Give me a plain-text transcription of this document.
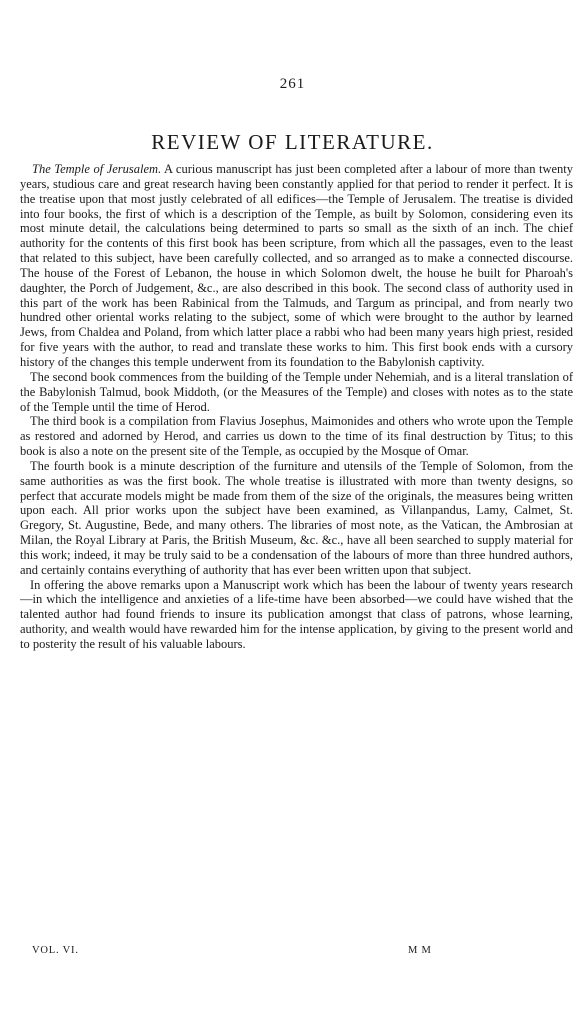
261
REVIEW OF LITERATURE.

The Temple of Jerusalem. A curious manuscript has just been completed after a labour of more than twenty years, studious care and great research having been constantly applied for that period to render it perfect. It is the treatise upon that most justly celebrated of all edifices—the Temple of Jerusalem. The treatise is divided into four books, the first of which is a description of the Temple, as built by Solomon, considering even its most minute detail, the calculations being determined to parts so small as the sixth of an inch. The chief authority for the contents of this first book has been scripture, from which all the passages, even to the least that related to this subject, have been carefully collected, and so arranged as to make a connected discourse. The house of the Forest of Lebanon, the house in which Solomon dwelt, the house he built for Pharoah's daughter, the Porch of Judgement, &c., are also described in this book. The second class of authority used in this part of the work has been Rabinical from the Talmuds, and Targum as principal, and from nearly two hundred other oriental works relating to the subject, some of which were brought to the author by learned Jews, from Chaldea and Poland, from which latter place a rabbi who had been many years high priest, resided for five years with the author, to read and translate these works to him. This first book ends with a cursory history of the changes this temple underwent from its foundation to the Babylonish captivity.

The second book commences from the building of the Temple under Nehemiah, and is a literal translation of the Babylonish Talmud, book Middoth, (or the Measures of the Temple) and closes with notes as to the state of the Temple until the time of Herod.

The third book is a compilation from Flavius Josephus, Maimonides and others who wrote upon the Temple as restored and adorned by Herod, and carries us down to the time of its final destruction by Titus; to this book is also a note on the present site of the Temple, as occupied by the Mosque of Omar.

The fourth book is a minute description of the furniture and utensils of the Temple of Solomon, from the same authorities as was the first book. The whole treatise is illustrated with more than twenty designs, so perfect that accurate models might be made from them of the size of the originals, the measures being written upon each. All prior works upon the subject have been examined, as Villanpandus, Lamy, Calmet, St. Gregory, St. Augustine, Bede, and many others. The libraries of most note, as the Vatican, the Ambrosian at Milan, the Royal Library at Paris, the British Museum, &c. &c., have all been searched to supply material for this work; indeed, it may be truly said to be a condensation of the labours of more than three hundred authors, and certainly contains everything of authority that has ever been written upon that subject.

In offering the above remarks upon a Manuscript work which has been the labour of twenty years research—in which the intelligence and anxieties of a life-time have been absorbed—we could have wished that the talented author had found friends to insure its publication amongst that class of patrons, whose learning, authority, and wealth would have rewarded him for the intense application, by giving to the present world and to posterity the result of his valuable labours.

VOL. VI.	M M
